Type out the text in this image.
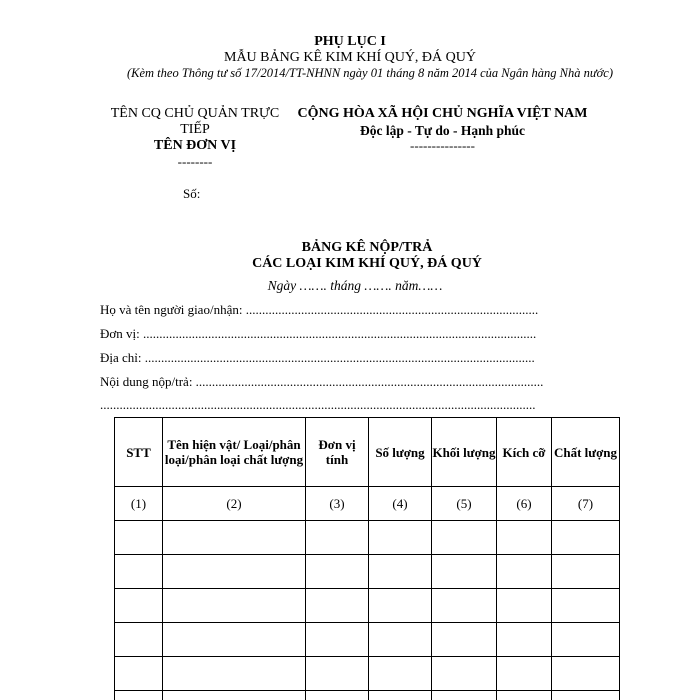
PHỤ LỤC I
MẪU BẢNG KÊ KIM KHÍ QUÝ, ĐÁ QUÝ
(Kèm theo Thông tư số 17/2014/TT-NHNN ngày 01 tháng 8 năm 2014 của Ngân hàng Nhà nước)
TÊN CQ CHỦ QUẢN TRỰC TIẾP
TÊN ĐƠN VỊ
--------
Số:
CỘNG HÒA XÃ HỘI CHỦ NGHĨA VIỆT NAM
Độc lập - Tự do - Hạnh phúc
---------------
BẢNG KÊ NỘP/TRẢ
CÁC LOẠI KIM KHÍ QUÝ, ĐÁ QUÝ
Ngày ……. tháng ……. năm……
Họ và tên người giao/nhận: ..........................................................................................
Đơn vị: .........................................................................................................................
Địa chỉ: ........................................................................................................................
Nội dung nộp/trả: ...........................................................................................................
......................................................................................................................................
STT	Tên hiện vật/ Loại/phân loại/phân loại chất lượng	Đơn vị tính	Số lượng	Khối lượng	Kích cỡ	Chất lượng
(1)	(2)	(3)	(4)	(5)	(6)	(7)
